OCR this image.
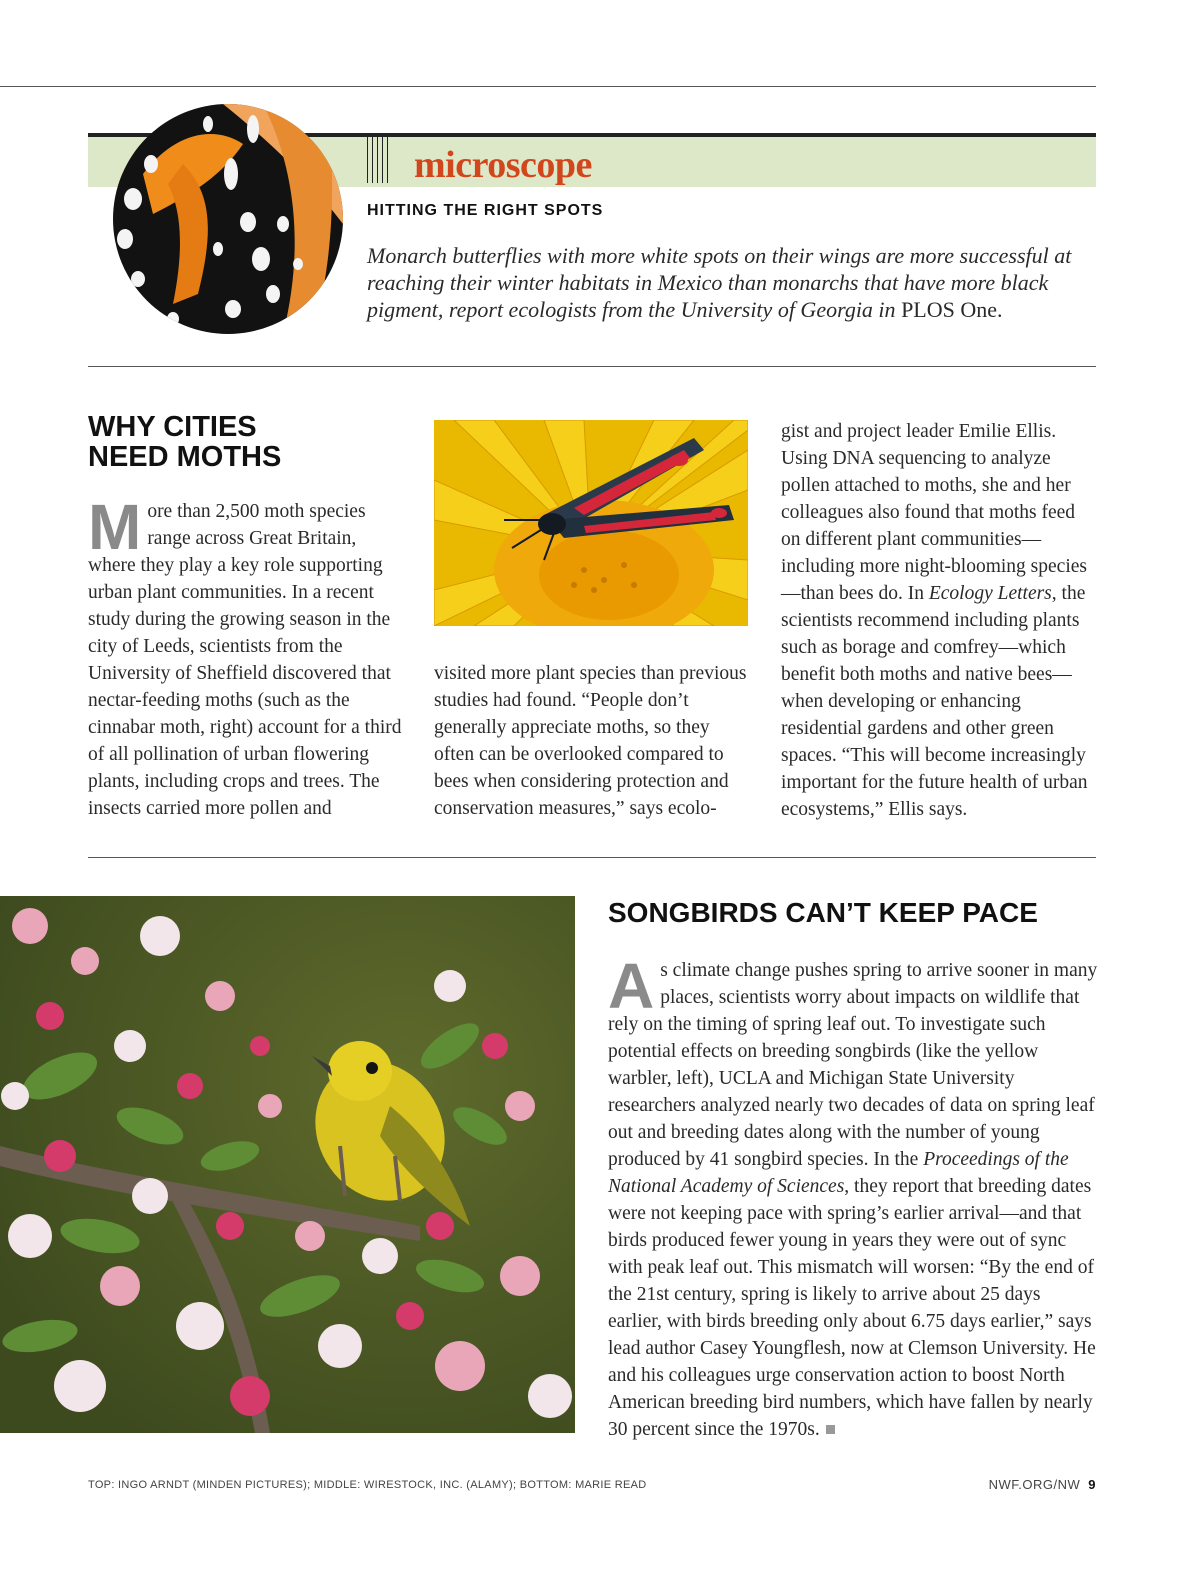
microscope
HITTING THE RIGHT SPOTS
Monarch butterflies with more white spots on their wings are more successful at reaching their winter habitats in Mexico than monarchs that have more black pigment, report ecologists from the University of Georgia in PLOS One.
WHY CITIES
NEED MOTHS
More than 2,500 moth species range across Great Britain, where they play a key role supporting urban plant communities. In a recent study during the growing season in the city of Leeds, scientists from the University of Sheffield discovered that nectar-feeding moths (such as the cinnabar moth, right) account for a third of all pollination of urban flowering plants, including crops and trees. The insects carried more pollen and
visited more plant species than previous studies had found. “People don’t generally appreciate moths, so they often can be overlooked compared to bees when considering protection and conservation measures,” says ecolo-
gist and project leader Emilie Ellis. Using DNA sequencing to analyze pollen attached to moths, she and her colleagues also found that moths feed on different plant communities—including more night-blooming species—than bees do. In Ecology Letters, the scientists recommend including plants such as borage and comfrey—which benefit both moths and native bees—when developing or enhancing residential gardens and other green spaces. “This will become increasingly important for the future health of urban ecosystems,” Ellis says.
SONGBIRDS CAN’T KEEP PACE
As climate change pushes spring to arrive sooner in many places, scientists worry about impacts on wildlife that rely on the timing of spring leaf out. To investigate such potential effects on breeding songbirds (like the yellow warbler, left), UCLA and Michigan State University researchers analyzed nearly two decades of data on spring leaf out and breeding dates along with the number of young produced by 41 songbird species. In the Proceedings of the National Academy of Sciences, they report that breeding dates were not keeping pace with spring’s earlier arrival—and that birds produced fewer young in years they were out of sync with peak leaf out. This mismatch will worsen: “By the end of the 21st century, spring is likely to arrive about 25 days earlier, with birds breeding only about 6.75 days earlier,” says lead author Casey Youngflesh, now at Clemson University. He and his colleagues urge conservation action to boost North American breeding bird numbers, which have fallen by nearly 30 percent since the 1970s.
TOP: INGO ARNDT (MINDEN PICTURES); MIDDLE: WIRESTOCK, INC. (ALAMY); BOTTOM: MARIE READ	NWF.ORG/NW 9
